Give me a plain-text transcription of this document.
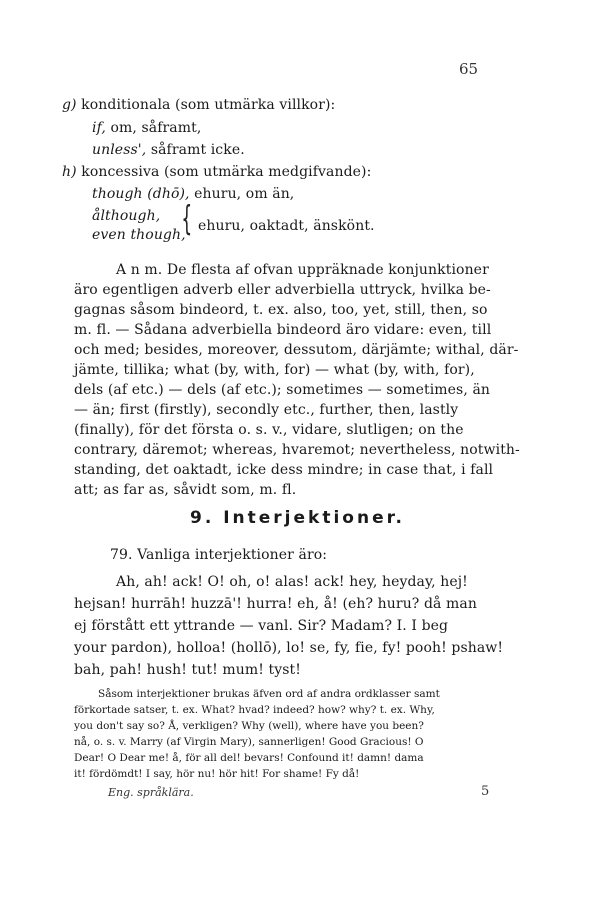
65
g) konditionala (som utmärka villkor):
if, om, såframt,
unless', såframt icke.
h) koncessiva (som utmärka medgifvande):
though (dhō), ehuru, om än,
ålthough,
even though,
{ ehuru, oaktadt, änskönt.
A n m. De flesta af ofvan uppräknade konjunktioner
äro egentligen adverb eller adverbiella uttryck, hvilka be-
gagnas såsom bindeord, t. ex. also, too, yet, still, then, so
m. fl. — Sådana adverbiella bindeord äro vidare: even, till
och med; besides, moreover, dessutom, därjämte; withal, där-
jämte, tillika; what (by, with, for) — what (by, with, for),
dels (af etc.) — dels (af etc.); sometimes — sometimes, än
— än; first (firstly), secondly etc., further, then, lastly
(finally), för det första o. s. v., vidare, slutligen; on the
contrary, däremot; whereas, hvaremot; nevertheless, notwith-
standing, det oaktadt, icke dess mindre; in case that, i fall
att; as far as, såvidt som, m. fl.
9. Interjektioner.
79. Vanliga interjektioner äro:
Ah, ah! ack! O! oh, o! alas! ack! hey, heyday, hej!
hejsan! hurrāh! huzzā'! hurra! eh, å! (eh? huru? då man
ej förstått ett yttrande — vanl. Sir? Madam? I. I beg
your pardon), holloa! (hollō), lo! se, fy, fie, fy! pooh! pshaw!
bah, pah! hush! tut! mum! tyst!
Såsom interjektioner brukas äfven ord af andra ordklasser samt
förkortade satser, t. ex. What? hvad? indeed? how? why? t. ex. Why,
you don't say so? Å, verkligen? Why (well), where have you been?
nå, o. s. v. Marry (af Virgin Mary), sannerligen! Good Gracious! O
Dear! O Dear me! å, för all del! bevars! Confound it! damn! dama
it! fördömdt! I say, hör nu! hör hit! For shame! Fy då!
Eng. språklära.	5
